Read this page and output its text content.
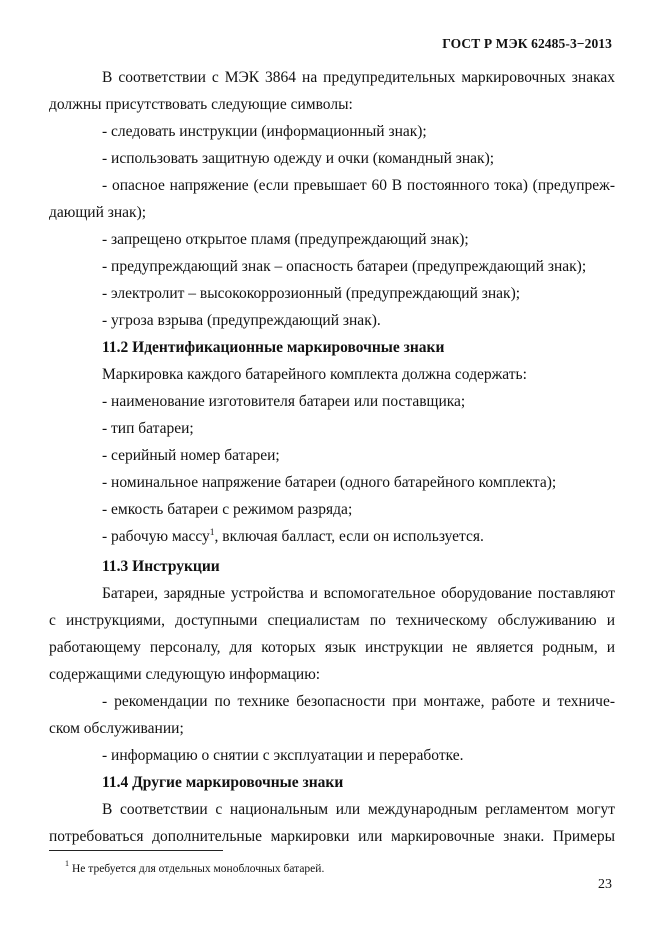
ГОСТ Р МЭК 62485-3−2013

В соответствии с МЭК 3864 на предупредительных маркировочных знаках

должны присутствовать следующие символы:

- следовать инструкции (информационный знак);

- использовать защитную одежду и очки (командный знак);

- опасное напряжение (если превышает 60 В постоянного тока) (предупреж-

дающий знак);

- запрещено открытое пламя (предупреждающий знак);

- предупреждающий знак – опасность батареи (предупреждающий знак);

- электролит – высококоррозионный (предупреждающий знак);

- угроза взрыва (предупреждающий знак).

11.2 Идентификационные маркировочные знаки

Маркировка каждого батарейного комплекта должна содержать:

- наименование изготовителя батареи или поставщика;

- тип батареи;

- серийный номер батареи;

- номинальное напряжение батареи (одного батарейного комплекта);

- емкость батареи с режимом разряда;

- рабочую массу$^1$, включая балласт, если он используется.

11.3 Инструкции

Батареи, зарядные устройства и вспомогательное оборудование поставляют

с инструкциями, доступными специалистам по техническому обслуживанию и

работающему персоналу, для которых язык инструкции не является родным, и

содержащими следующую информацию:

- рекомендации по технике безопасности при монтаже, работе и техниче-

ском обслуживании;

- информацию о снятии с эксплуатации и переработке.

11.4 Другие маркировочные знаки

В соответствии с национальным или международным регламентом могут

потребоваться дополнительные маркировки или маркировочные знаки. Примеры

$^1$ Не требуется для отдельных моноблочных батарей.
23
